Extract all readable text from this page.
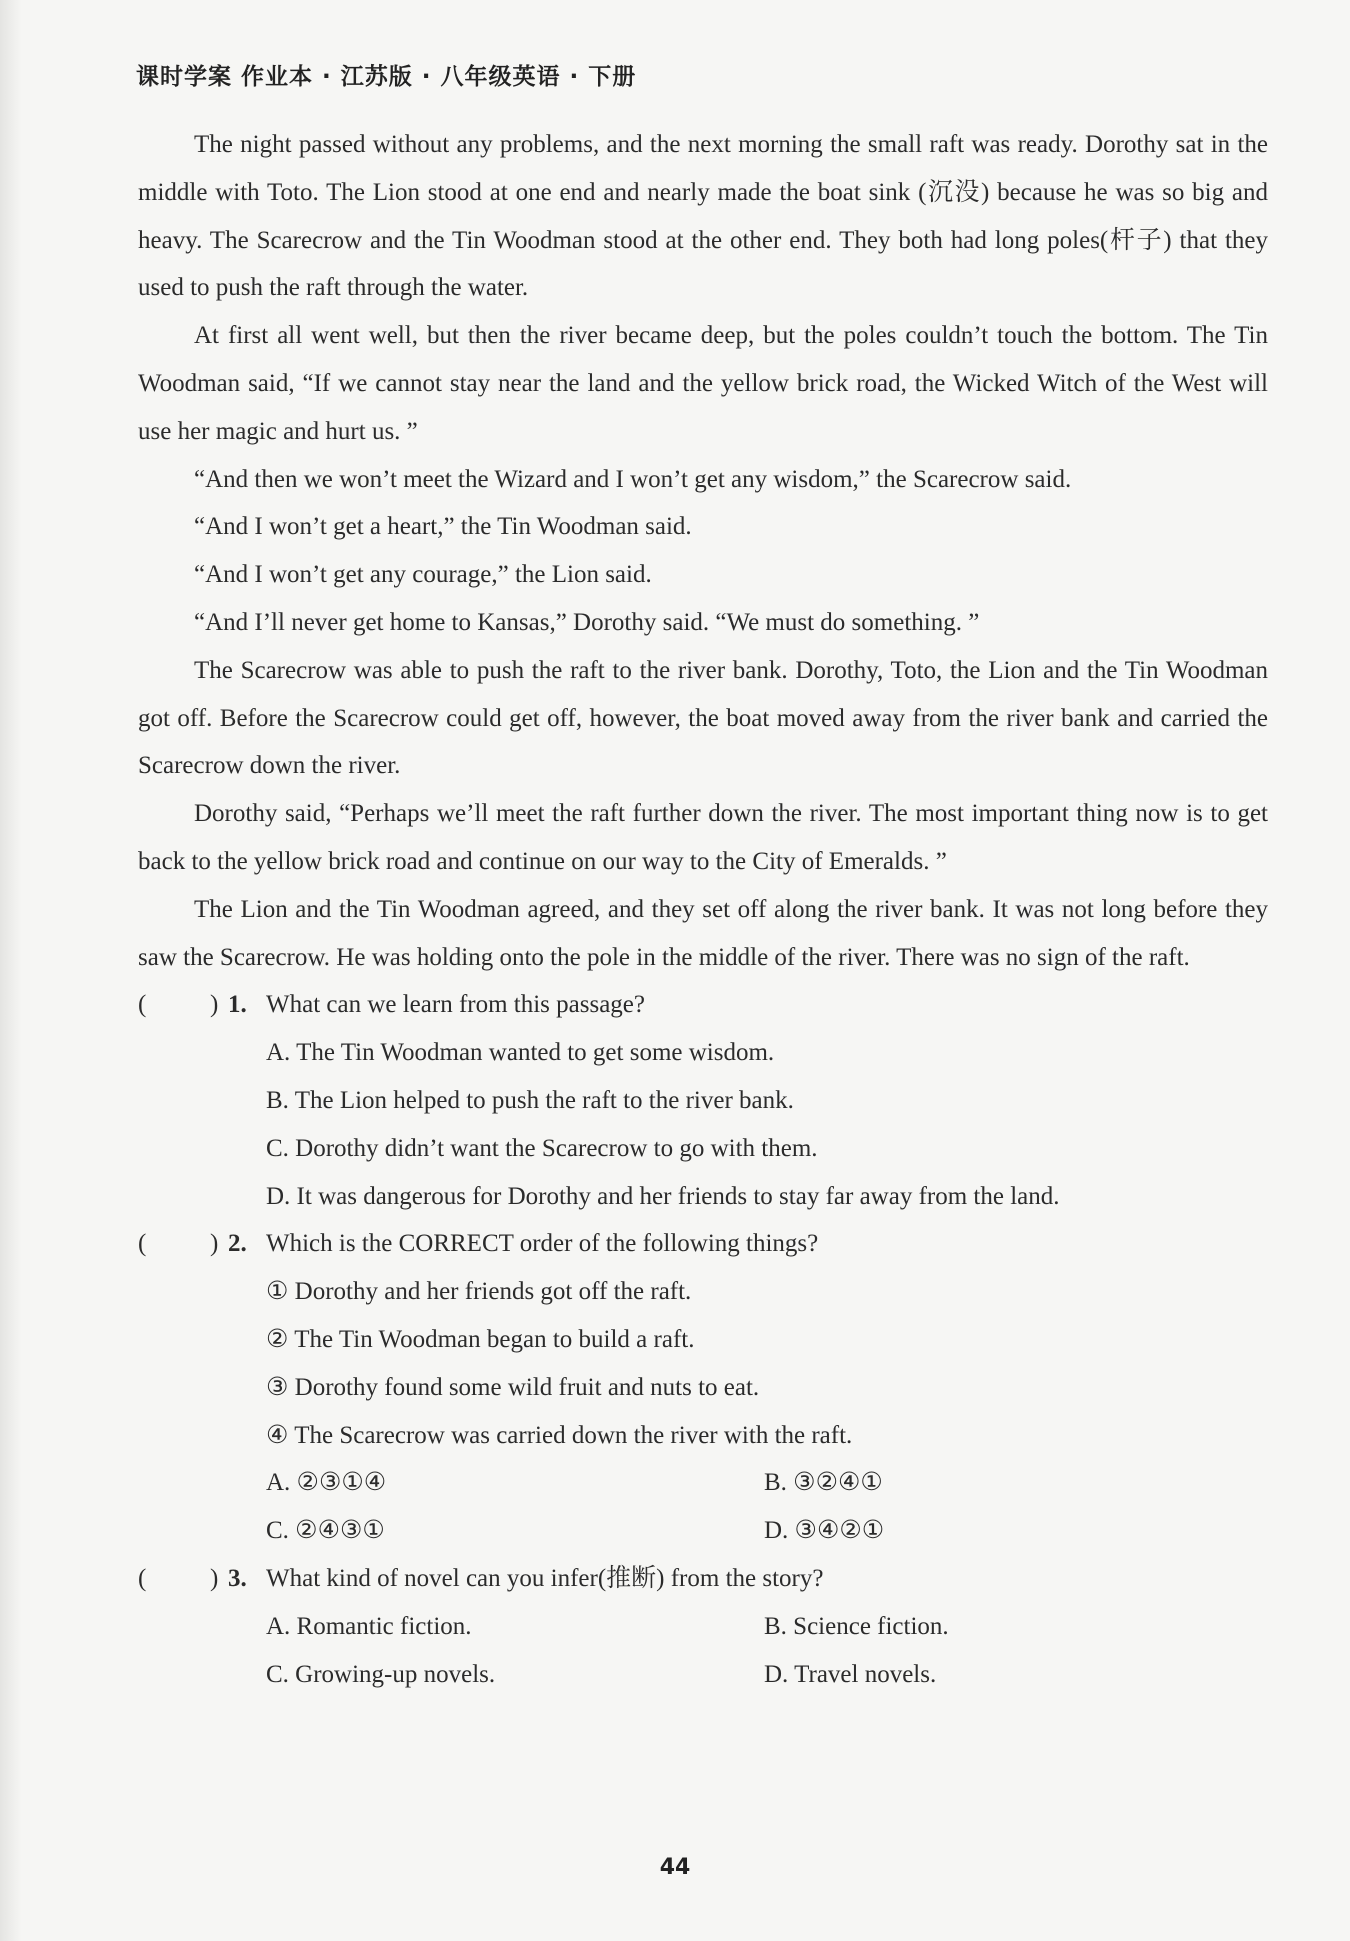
课时学案 作业本 · 江苏版 · 八年级英语 · 下册

The night passed without any problems, and the next morning the small raft was ready. Dorothy sat in the middle with Toto. The Lion stood at one end and nearly made the boat sink (沉没) because he was so big and heavy. The Scarecrow and the Tin Woodman stood at the other end. They both had long poles(杆子) that they used to push the raft through the water.

At first all went well, but then the river became deep, but the poles couldn’t touch the bottom. The Tin Woodman said, “If we cannot stay near the land and the yellow brick road, the Wicked Witch of the West will use her magic and hurt us. ”

“And then we won’t meet the Wizard and I won’t get any wisdom,” the Scarecrow said.

“And I won’t get a heart,” the Tin Woodman said.

“And I won’t get any courage,” the Lion said.

“And I’ll never get home to Kansas,” Dorothy said. “We must do something. ”

The Scarecrow was able to push the raft to the river bank. Dorothy, Toto, the Lion and the Tin Woodman got off. Before the Scarecrow could get off, however, the boat moved away from the river bank and carried the Scarecrow down the river.

Dorothy said, “Perhaps we’ll meet the raft further down the river. The most important thing now is to get back to the yellow brick road and continue on our way to the City of Emeralds. ”

The Lion and the Tin Woodman agreed, and they set off along the river bank. It was not long before they saw the Scarecrow. He was holding onto the pole in the middle of the river. There was no sign of the raft.

(	) 1. What can we learn from this passage?
A. The Tin Woodman wanted to get some wisdom.
B. The Lion helped to push the raft to the river bank.
C. Dorothy didn’t want the Scarecrow to go with them.
D. It was dangerous for Dorothy and her friends to stay far away from the land.
(	) 2. Which is the CORRECT order of the following things?
① Dorothy and her friends got off the raft.
② The Tin Woodman began to build a raft.
③ Dorothy found some wild fruit and nuts to eat.
④ The Scarecrow was carried down the river with the raft.
A. ②③①④	B. ③②④①
C. ②④③①	D. ③④②①
(	) 3. What kind of novel can you infer(推断) from the story?
A. Romantic fiction.	B. Science fiction.
C. Growing-up novels.	D. Travel novels.
44
